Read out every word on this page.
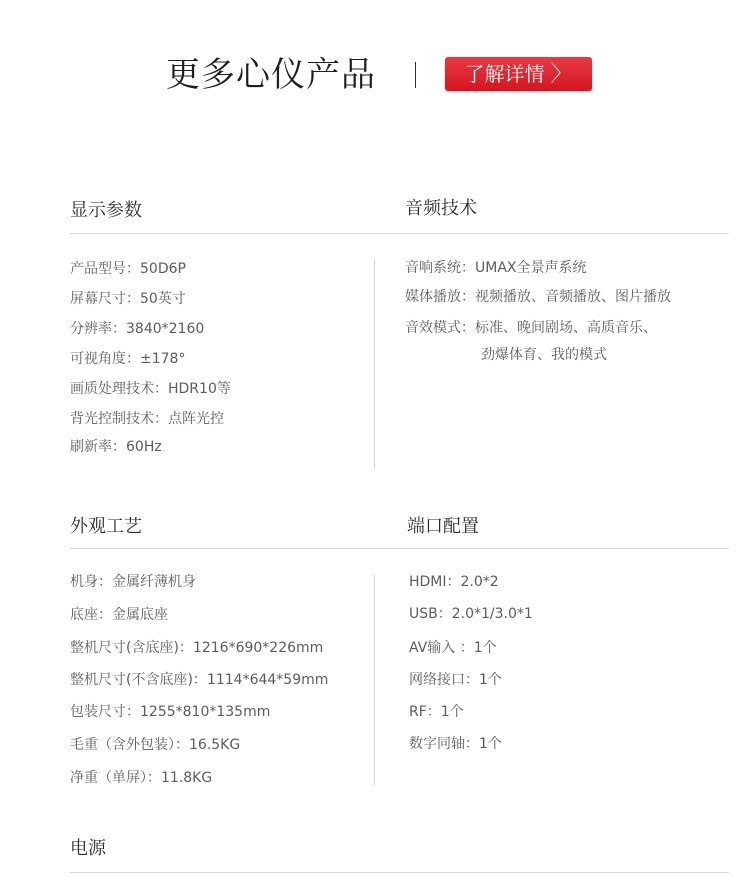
更多心仪产品	了解详情 〉
显示参数	音频技术
产品型号：50D6P
屏幕尺寸：50英寸
分辨率：3840*2160
可视角度：±178°
画质处理技术：HDR10等
背光控制技术：点阵光控
刷新率：60Hz
音响系统：UMAX全景声系统
媒体播放：视频播放、音频播放、图片播放
音效模式：标准、晚间剧场、高质音乐、
劲爆体育、我的模式
外观工艺	端口配置
机身：金属纤薄机身
底座：金属底座
整机尺寸(含底座)：1216*690*226mm
整机尺寸(不含底座)：1114*644*59mm
包装尺寸：1255*810*135mm
毛重（含外包装）：16.5KG
净重（单屏）：11.8KG
HDMI：2.0*2
USB：2.0*1/3.0*1
AV输入 ：1个
网络接口：1个
RF：1个
数字同轴：1个
电源
